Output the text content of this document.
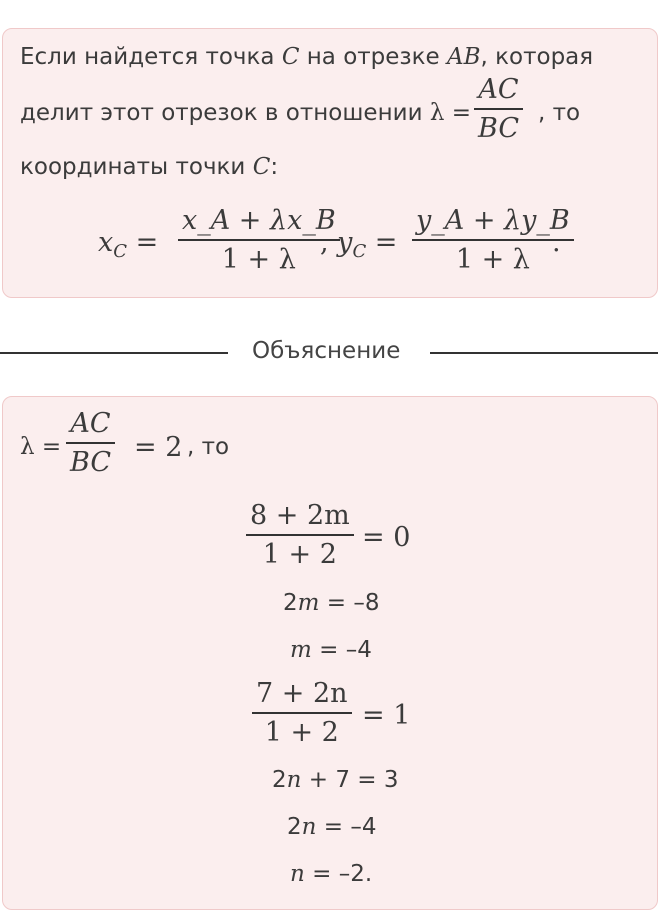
Если найдется точка C на отрезке AB, которая
делит этот отрезок в отношении λ =
AC
BC , то
координаты точки C:
$x_C$ =
x_A + λx_B
1 + λ
, $y_C$ =
y_A + λy_B
1 + λ
.
Объяснение
λ =
AC
BC = 2 , то
8 + 2m
1 + 2
= 0
2m = –8
m = –4
7 + 2n
1 + 2
= 1
2n + 7 = 3
2n = –4
n = –2.
